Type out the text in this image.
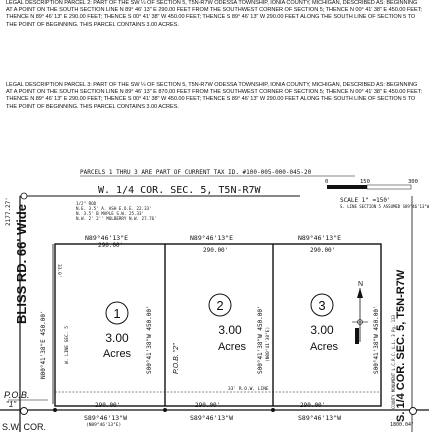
LEGAL DESCRIPTION PARCEL 2: PART OF THE SW ¼ OF SECTION 5, T5N-R7W ODESSA TOWNSHIP, IONIA COUNTY, MICHIGAN, DESCRIBED AS: BEGINNING AT A POINT ON THE SOUTH SECTION LINE N 89° 46' 13" E 290.00 FEET FROM THE SOUTHWEST CORNER OF SECTION 5; THENCE N 00° 41' 38" E 450.00 FEET; THENCE N 89° 46' 13" E 290.00 FEET; THENCE S 00° 41' 38" W 450.00 FEET; THENCE S 89° 46' 13" W 290.00 FEET ALONG THE SOUTH LINE OF SECTION 5 TO THE POINT OF BEGINNING. THIS PARCEL CONTAINS 3.00 ACRES.
LEGAL DESCRIPTION PARCEL 3: PART OF THE SW ¼ OF SECTION 5, T5N-R7W ODESSA TOWNSHIP, IONIA COUNTY, MICHIGAN, DESCRIBED AS: BEGINNING AT A POINT ON THE SOUTH SECTION LINE N 89° 46' 13" E 870.00 FEET FROM THE SOUTHWEST CORNER OF SECTION 5; THENCE N 00° 41' 38" E 450.00 FEET; THENCE N 89° 46' 13" E 290.00 FEET; THENCE S 00° 41' 38" W 450.00 FEET; THENCE S 89° 46' 13" W 290.00 FEET ALONG THE SOUTH LINE OF SECTION 5 TO THE POINT OF BEGINNING. THIS PARCEL CONTAINS 3.00 ACRES.
PARCELS 1 THRU 3 ARE PART OF CURRENT TAX ID. #100-005-000-045-20
0	150	300
W. 1/4 COR. SEC. 5, T5N-R7W
1/2" ROD
N.E. 3.5' A. ASH E.O.E. 22.33'
N. 3.5' B MAPLE S.W. 25.33'
N.W. 2' 2'' MULBERRY N.W. 27.76'
SCALE 1" =150'
S. LINE SECTION 5 ASSUMED S89°46'13"W
2177.27' BLISS RD. 66' Wide	33.0'
33' R.O.W. LINE
N89°46'13"E
290.00'
N89°46'13"E
290.00'
N89°46'13"E
290.00'
N00°41'38"E 450.00'	W. LINE SEC. 5	S00°41'38"W 450.00'	S00°41'38"W 450.00' (N00°41'38"E)	S00°41'38"W 450.00'
P.O.B. "2"
1
3.00
Acres
2
3.00
Acres
3
3.00
Acres
N	S. 1/4 COR. SEC. 5, T5N-R7W
COUNTY MONUMENT L.C.R.C. L.L. 3 Pg. 133
290.00'	290.00'	290.00'
S89°46'13"W
(N89°46'13"E)
S89°46'13"W	S89°46'13"W
P.O.B.
"1"
S.W. COR.	1800.04'
